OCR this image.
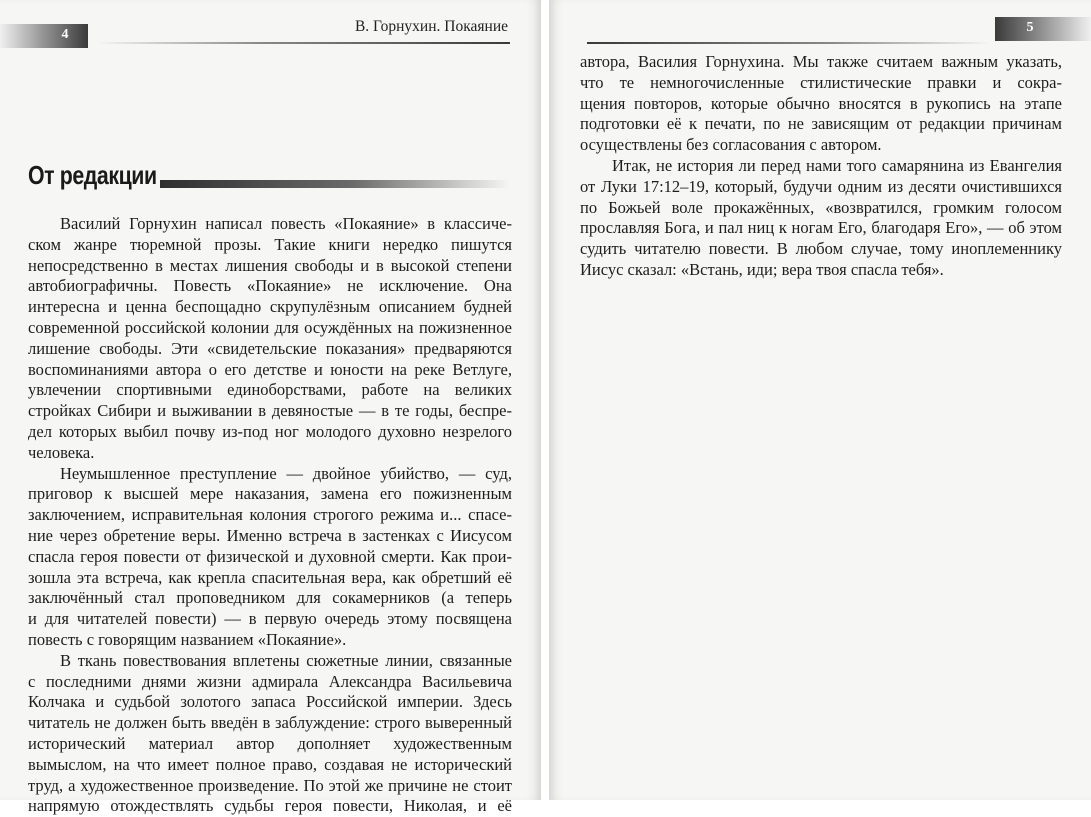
4	В. Горнухин. Покаяние
От редакции
Василий Горнухин написал повесть «Покаяние» в классиче-
ском жанре тюремной прозы. Такие книги нередко пишутся
непосредственно в местах лишения свободы и в высокой степени
автобиографичны. Повесть «Покаяние» не исключение. Она
интересна и ценна беспощадно скрупулёзным описанием будней
современной российской колонии для осуждённых на пожизненное
лишение свободы. Эти «свидетельские показания» предваряются
воспоминаниями автора о его детстве и юности на реке Ветлуге,
увлечении спортивными единоборствами, работе на великих
стройках Сибири и выживании в девяностые — в те годы, беспре-
дел которых выбил почву из-под ног молодого духовно незрелого
человека.
Неумышленное преступление — двойное убийство, — суд,
приговор к высшей мере наказания, замена его пожизненным
заключением, исправительная колония строгого режима и... спасе-
ние через обретение веры. Именно встреча в застенках с Иисусом
спасла героя повести от физической и духовной смерти. Как прои-
зошла эта встреча, как крепла спасительная вера, как обретший её
заключённый стал проповедником для сокамерников (а теперь
и для читателей повести) — в первую очередь этому посвящена
повесть с говорящим названием «Покаяние».
В ткань повествования вплетены сюжетные линии, связанные
с последними днями жизни адмирала Александра Васильевича
Колчака и судьбой золотого запаса Российской империи. Здесь
читатель не должен быть введён в заблуждение: строго выверенный
исторический материал автор дополняет художественным
вымыслом, на что имеет полное право, создавая не исторический
труд, а художественное произведение. По этой же причине не стоит
напрямую отождествлять судьбы героя повести, Николая, и её
5
автора, Василия Горнухина. Мы также считаем важным указать,
что те немногочисленные стилистические правки и сокра-
щения повторов, которые обычно вносятся в рукопись на этапе
подготовки её к печати, по не зависящим от редакции причинам
осуществлены без согласования с автором.
Итак, не история ли перед нами того самарянина из Евангелия
от Луки 17:12–19, который, будучи одним из десяти очистившихся
по Божьей воле прокажённых, «возвратился, громким голосом
прославляя Бога, и пал ниц к ногам Его, благодаря Его», — об этом
судить читателю повести. В любом случае, тому иноплеменнику
Иисус сказал: «Встань, иди; вера твоя спасла тебя».
